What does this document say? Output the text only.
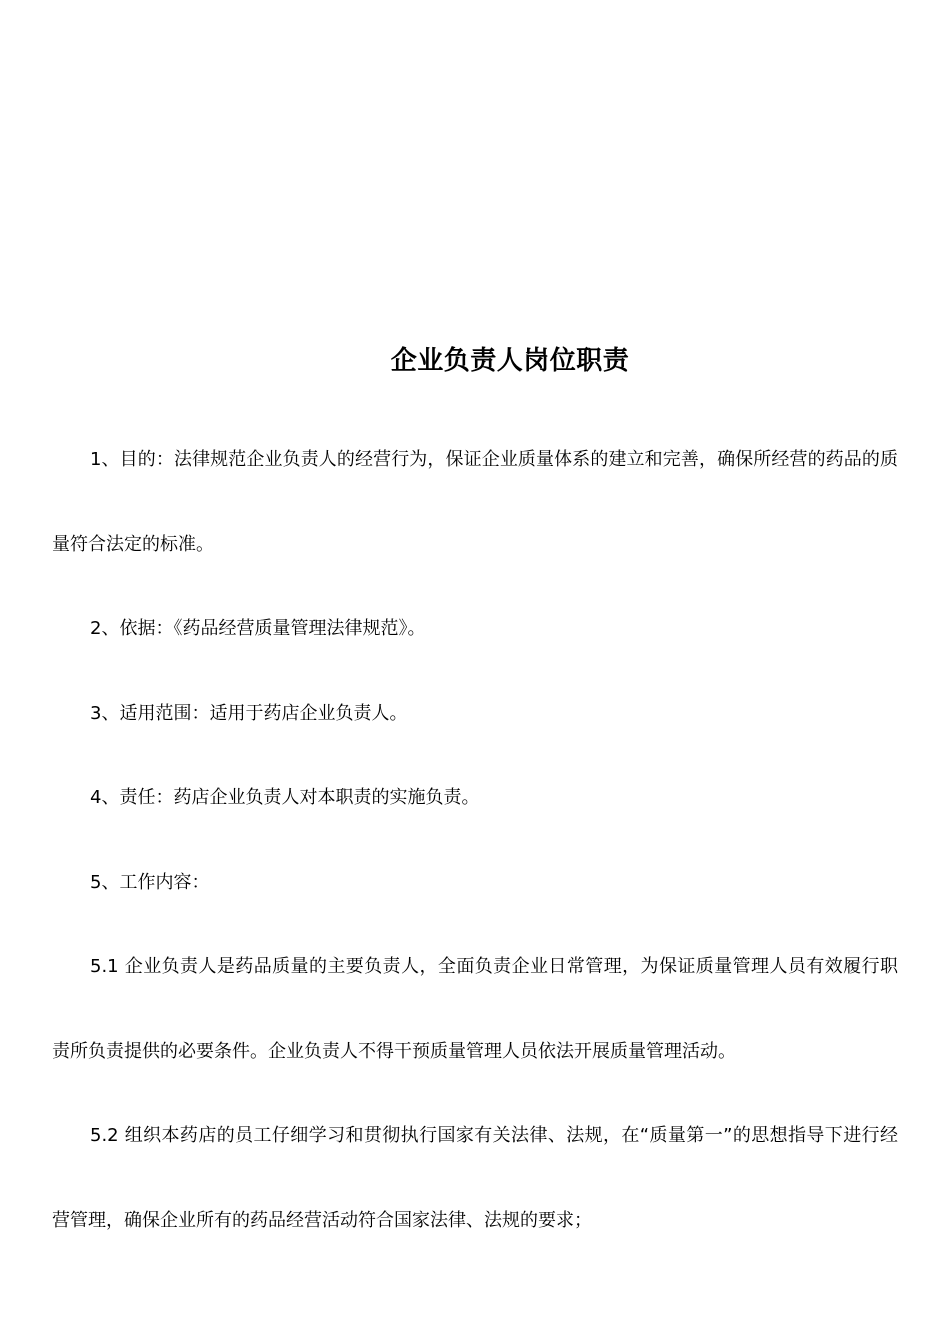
企业负责人岗位职责

1、目的：法律规范企业负责人的经营行为，保证企业质量体系的建立和完善，确保所经营的药品的质量符合法定的标准。

2、依据：《药品经营质量管理法律规范》。

3、适用范围：适用于药店企业负责人。

4、责任：药店企业负责人对本职责的实施负责。

5、工作内容：

5.1 企业负责人是药品质量的主要负责人，全面负责企业日常管理，为保证质量管理人员有效履行职责所负责提供的必要条件。企业负责人不得干预质量管理人员依法开展质量管理活动。

5.2 组织本药店的员工仔细学习和贯彻执行国家有关法律、法规，在“质量第一”的思想指导下进行经营管理，确保企业所有的药品经营活动符合国家法律、法规的要求；
